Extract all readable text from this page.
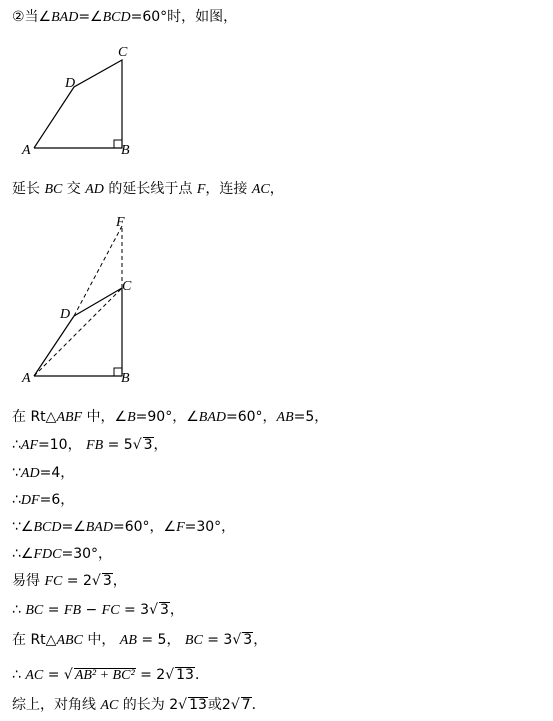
②当∠BAD=∠BCD=60°时，如图，
A	B
C
D
延长 BC 交 AD 的延长线于点 F，连接 AC，
A	B
C
D
F
在 Rt△ABF 中，∠B=90°，∠BAD=60°，AB=5，
∴AF=10， FB = 5√ 3，
∵AD=4，
∴DF=6，
∵∠BCD=∠BAD=60°，∠F=30°，
∴∠FDC=30°，
易得 FC = 2√ 3，
∴ BC = FB − FC = 3√ 3，
在 Rt△ABC 中， AB = 5， BC = 3√ 3，
∴ AC = √ AB² + BC² = 2√ 13．
综上，对角线 AC 的长为 2√ 13或2√ 7．
